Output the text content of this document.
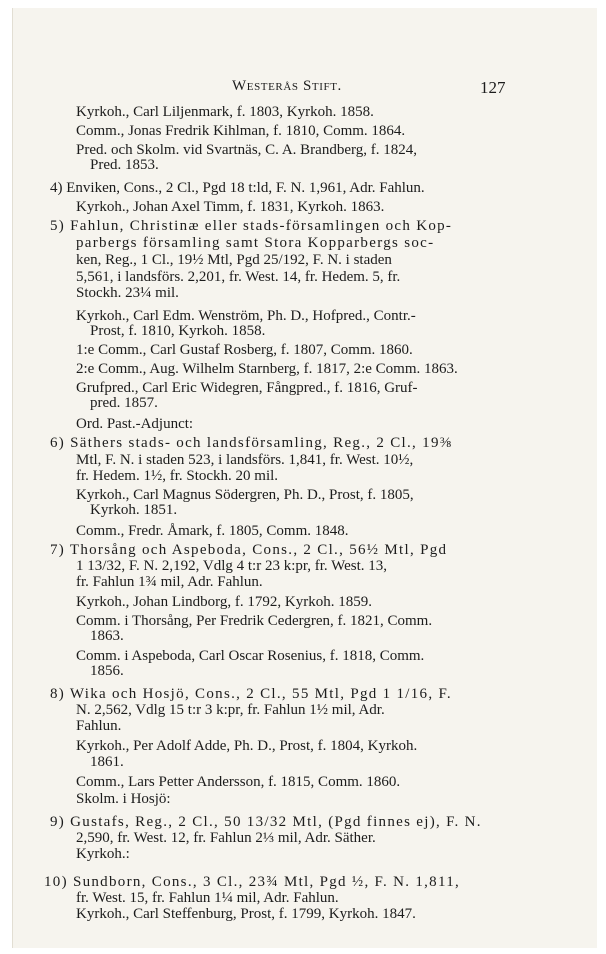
Westerås Stift.	127
Kyrkoh., Carl Liljenmark, f. 1803, Kyrkoh. 1858.
Comm., Jonas Fredrik Kihlman, f. 1810, Comm. 1864.
Pred. och Skolm. vid Svartnäs, C. A. Brandberg, f. 1824,
Pred. 1853.
4) Enviken, Cons., 2 Cl., Pgd 18 t:ld, F. N. 1,961, Adr. Fahlun.
Kyrkoh., Johan Axel Timm, f. 1831, Kyrkoh. 1863.
5) Fahlun, Christinæ eller stads-församlingen och Kop-
parbergs församling samt Stora Kopparbergs soc-
ken, Reg., 1 Cl., 19½ Mtl, Pgd 25/192, F. N. i staden
5,561, i landsförs. 2,201, fr. West. 14, fr. Hedem. 5, fr.
Stockh. 23¼ mil.
Kyrkoh., Carl Edm. Wenström, Ph. D., Hofpred., Contr.-
Prost, f. 1810, Kyrkoh. 1858.
1:e Comm., Carl Gustaf Rosberg, f. 1807, Comm. 1860.
2:e Comm., Aug. Wilhelm Starnberg, f. 1817, 2:e Comm. 1863.
Grufpred., Carl Eric Widegren, Fångpred., f. 1816, Gruf-
pred. 1857.
Ord. Past.-Adjunct:
6) Säthers stads- och landsförsamling, Reg., 2 Cl., 19⅜
Mtl, F. N. i staden 523, i landsförs. 1,841, fr. West. 10½,
fr. Hedem. 1½, fr. Stockh. 20 mil.
Kyrkoh., Carl Magnus Södergren, Ph. D., Prost, f. 1805,
Kyrkoh. 1851.
Comm., Fredr. Åmark, f. 1805, Comm. 1848.
7) Thorsång och Aspeboda, Cons., 2 Cl., 56½ Mtl, Pgd
1 13/32, F. N. 2,192, Vdlg 4 t:r 23 k:pr, fr. West. 13,
fr. Fahlun 1¾ mil, Adr. Fahlun.
Kyrkoh., Johan Lindborg, f. 1792, Kyrkoh. 1859.
Comm. i Thorsång, Per Fredrik Cedergren, f. 1821, Comm.
1863.
Comm. i Aspeboda, Carl Oscar Rosenius, f. 1818, Comm.
1856.
8) Wika och Hosjö, Cons., 2 Cl., 55 Mtl, Pgd 1 1/16, F.
N. 2,562, Vdlg 15 t:r 3 k:pr, fr. Fahlun 1½ mil, Adr.
Fahlun.
Kyrkoh., Per Adolf Adde, Ph. D., Prost, f. 1804, Kyrkoh.
1861.
Comm., Lars Petter Andersson, f. 1815, Comm. 1860.
Skolm. i Hosjö:
9) Gustafs, Reg., 2 Cl., 50 13/32 Mtl, (Pgd finnes ej), F. N.
2,590, fr. West. 12, fr. Fahlun 2⅓ mil, Adr. Säther.
Kyrkoh.:
10) Sundborn, Cons., 3 Cl., 23¾ Mtl, Pgd ½, F. N. 1,811,
fr. West. 15, fr. Fahlun 1¼ mil, Adr. Fahlun.
Kyrkoh., Carl Steffenburg, Prost, f. 1799, Kyrkoh. 1847.
